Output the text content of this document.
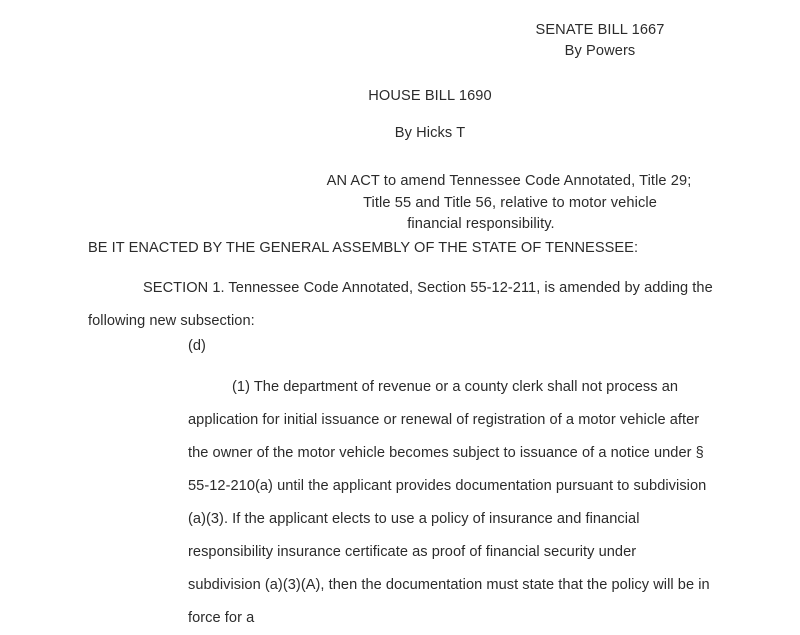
SENATE BILL 1667
By Powers
HOUSE BILL 1690
By Hicks T
AN ACT to amend Tennessee Code Annotated, Title 29;
Title 55 and Title 56, relative to motor vehicle
financial responsibility.
BE IT ENACTED BY THE GENERAL ASSEMBLY OF THE STATE OF TENNESSEE:

SECTION 1. Tennessee Code Annotated, Section 55-12-211, is amended by adding the following new subsection:

(d)

(1) The department of revenue or a county clerk shall not process an application for initial issuance or renewal of registration of a motor vehicle after the owner of the motor vehicle becomes subject to issuance of a notice under § 55-12-210(a) until the applicant provides documentation pursuant to subdivision (a)(3). If the applicant elects to use a policy of insurance and financial responsibility insurance certificate as proof of financial security under subdivision (a)(3)(A), then the documentation must state that the policy will be in force for a
